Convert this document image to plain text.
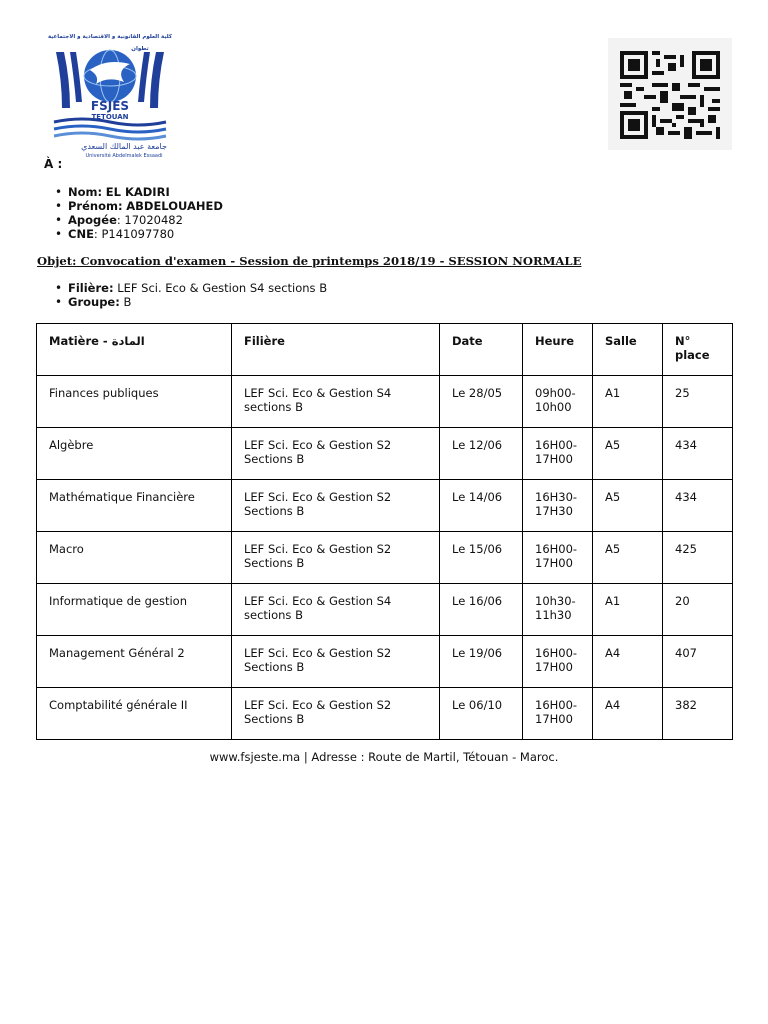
كلية العلوم القانونية و الاقتصادية و الاجتماعية
تطوان
FSJES
TETOUAN
جامعة عبد المالك السعدي
Université Abdelmalek Essaadi
À :
• Nom: EL KADIRI
• Prénom: ABDELOUAHED
• Apogée: 17020482
• CNE: P141097780
Objet: Convocation d'examen - Session de printemps 2018/19 - SESSION NORMALE
• Filière: LEF Sci. Eco & Gestion S4 sections B
• Groupe: B
Matière - المادة	Filière	Date	Heure	Salle	N° place
Finances publiques	LEF Sci. Eco & Gestion S4 sections B	Le 28/05	09h00-10h00	A1	25
Algèbre	LEF Sci. Eco & Gestion S2 Sections B	Le 12/06	16H00-17H00	A5	434
Mathématique Financière	LEF Sci. Eco & Gestion S2 Sections B	Le 14/06	16H30-17H30	A5	434
Macro	LEF Sci. Eco & Gestion S2 Sections B	Le 15/06	16H00-17H00	A5	425
Informatique de gestion	LEF Sci. Eco & Gestion S4 sections B	Le 16/06	10h30-11h30	A1	20
Management Général 2	LEF Sci. Eco & Gestion S2 Sections B	Le 19/06	16H00-17H00	A4	407
Comptabilité générale II	LEF Sci. Eco & Gestion S2 Sections B	Le 06/10	16H00-17H00	A4	382
www.fsjeste.ma | Adresse : Route de Martil, Tétouan - Maroc.
